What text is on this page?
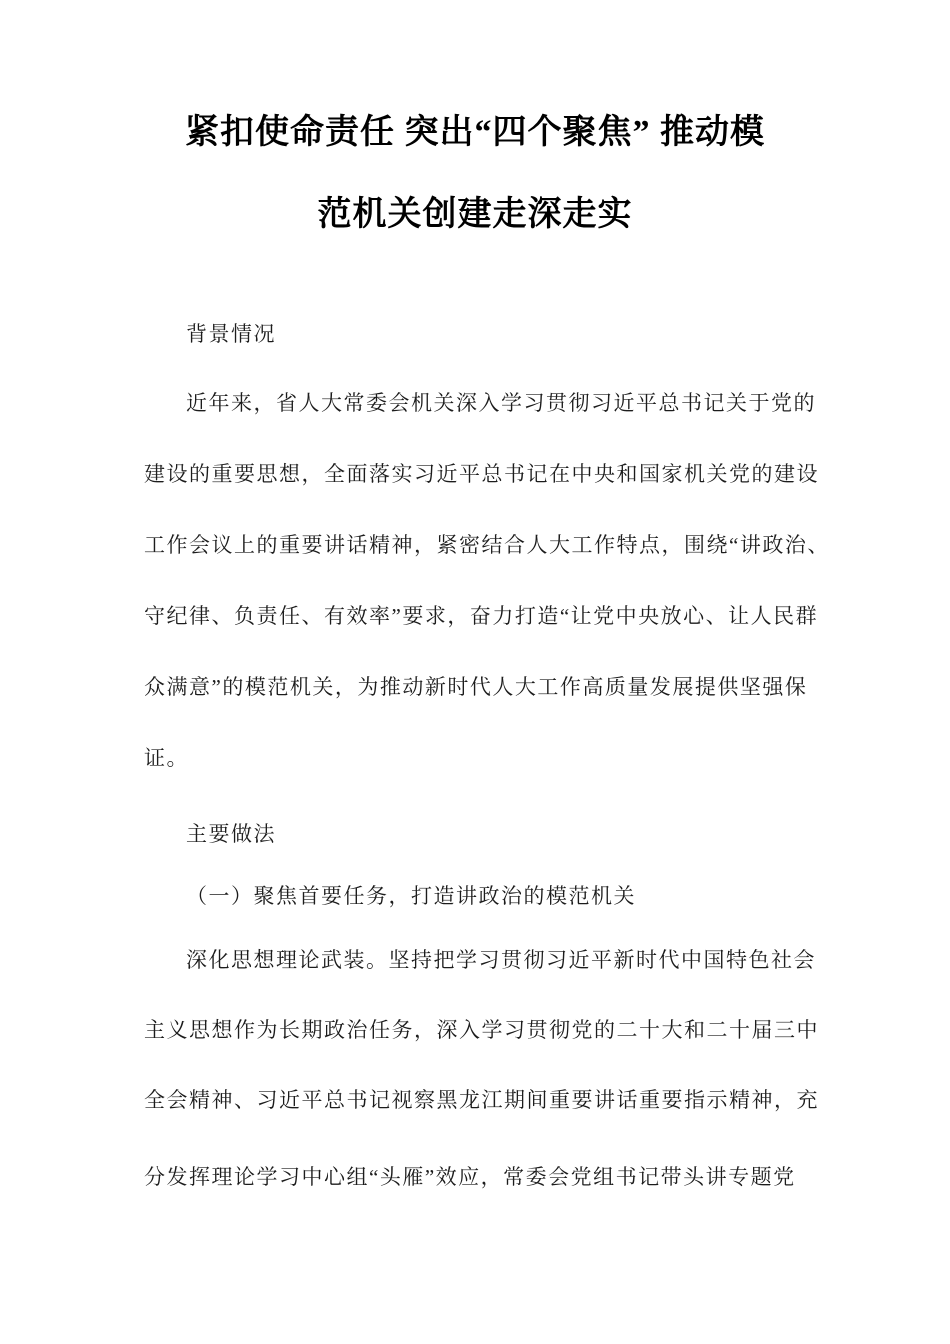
紧扣使命责任 突出“四个聚焦” 推动模
范机关创建走深走实
背景情况
近年来，省人大常委会机关深入学习贯彻习近平总书记关于党的
建设的重要思想，全面落实习近平总书记在中央和国家机关党的建设
工作会议上的重要讲话精神，紧密结合人大工作特点，围绕“讲政治、
守纪律、负责任、有效率”要求，奋力打造“让党中央放心、让人民群
众满意”的模范机关，为推动新时代人大工作高质量发展提供坚强保
证。
主要做法
（一）聚焦首要任务，打造讲政治的模范机关
深化思想理论武装。坚持把学习贯彻习近平新时代中国特色社会
主义思想作为长期政治任务，深入学习贯彻党的二十大和二十届三中
全会精神、习近平总书记视察黑龙江期间重要讲话重要指示精神，充
分发挥理论学习中心组“头雁”效应，常委会党组书记带头讲专题党
